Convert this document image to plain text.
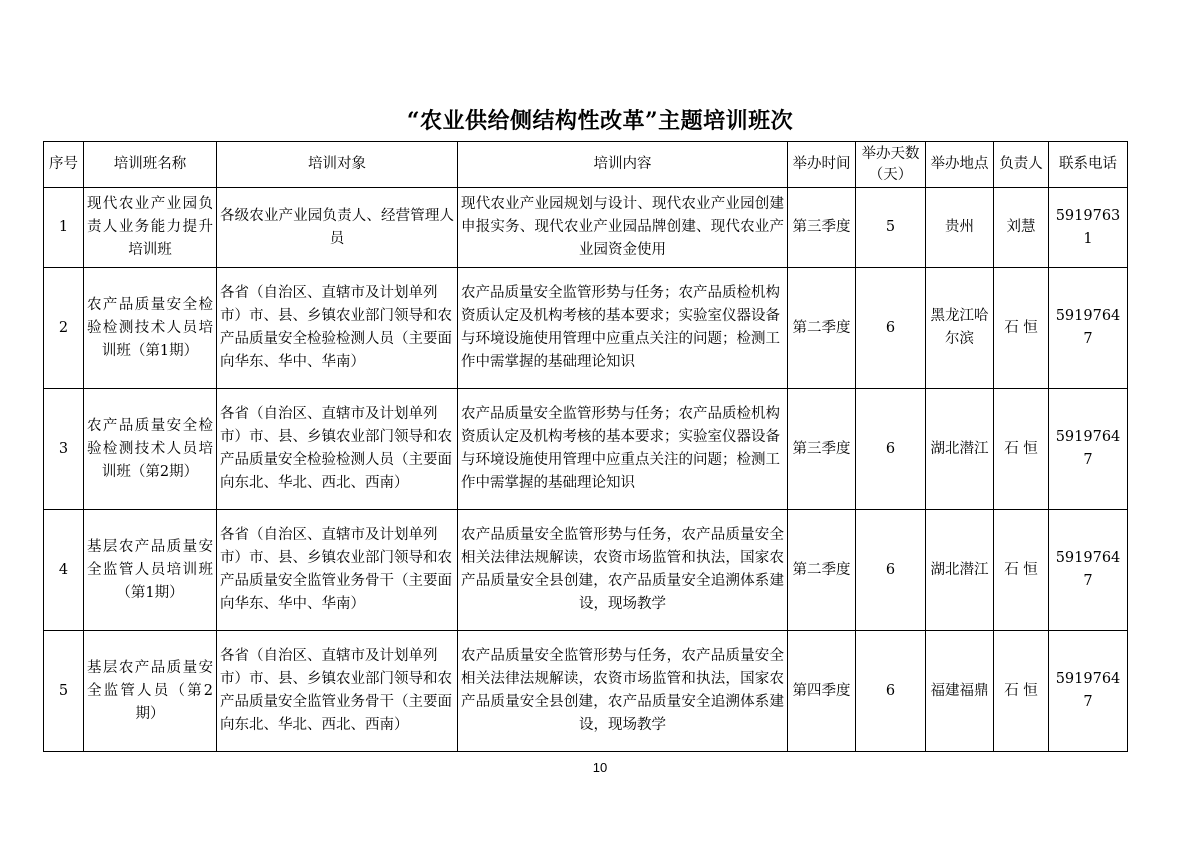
“农业供给侧结构性改革”主题培训班次
序号	培训班名称	培训对象	培训内容	举办时间	举办天数（天）	举办地点	负责人	联系电话
1	现代农业产业园负责人业务能力提升培训班	各级农业产业园负责人、经营管理人员	现代农业产业园规划与设计、现代农业产业园创建申报实务、现代农业产业园品牌创建、现代农业产业园资金使用	第三季度	5	贵州	刘慧	59197631
2	农产品质量安全检验检测技术人员培训班（第1期）	各省（自治区、直辖市及计划单列市）市、县、乡镇农业部门领导和农产品质量安全检验检测人员（主要面向华东、华中、华南）	农产品质量安全监管形势与任务；农产品质检机构资质认定及机构考核的基本要求；实验室仪器设备与环境设施使用管理中应重点关注的问题；检测工作中需掌握的基础理论知识	第二季度	6	黑龙江哈尔滨	石 恒	59197647
3	农产品质量安全检验检测技术人员培训班（第2期）	各省（自治区、直辖市及计划单列市）市、县、乡镇农业部门领导和农产品质量安全检验检测人员（主要面向东北、华北、西北、西南）	农产品质量安全监管形势与任务；农产品质检机构资质认定及机构考核的基本要求；实验室仪器设备与环境设施使用管理中应重点关注的问题；检测工作中需掌握的基础理论知识	第三季度	6	湖北潜江	石 恒	59197647
4	基层农产品质量安全监管人员培训班（第1期）	各省（自治区、直辖市及计划单列市）市、县、乡镇农业部门领导和农产品质量安全监管业务骨干（主要面向华东、华中、华南）	农产品质量安全监管形势与任务，农产品质量安全相关法律法规解读，农资市场监管和执法，国家农产品质量安全县创建，农产品质量安全追溯体系建设，现场教学	第二季度	6	湖北潜江	石 恒	59197647
5	基层农产品质量安全监管人员（第2期）	各省（自治区、直辖市及计划单列市）市、县、乡镇农业部门领导和农产品质量安全监管业务骨干（主要面向东北、华北、西北、西南）	农产品质量安全监管形势与任务，农产品质量安全相关法律法规解读，农资市场监管和执法，国家农产品质量安全县创建，农产品质量安全追溯体系建设，现场教学	第四季度	6	福建福鼎	石 恒	59197647
10
